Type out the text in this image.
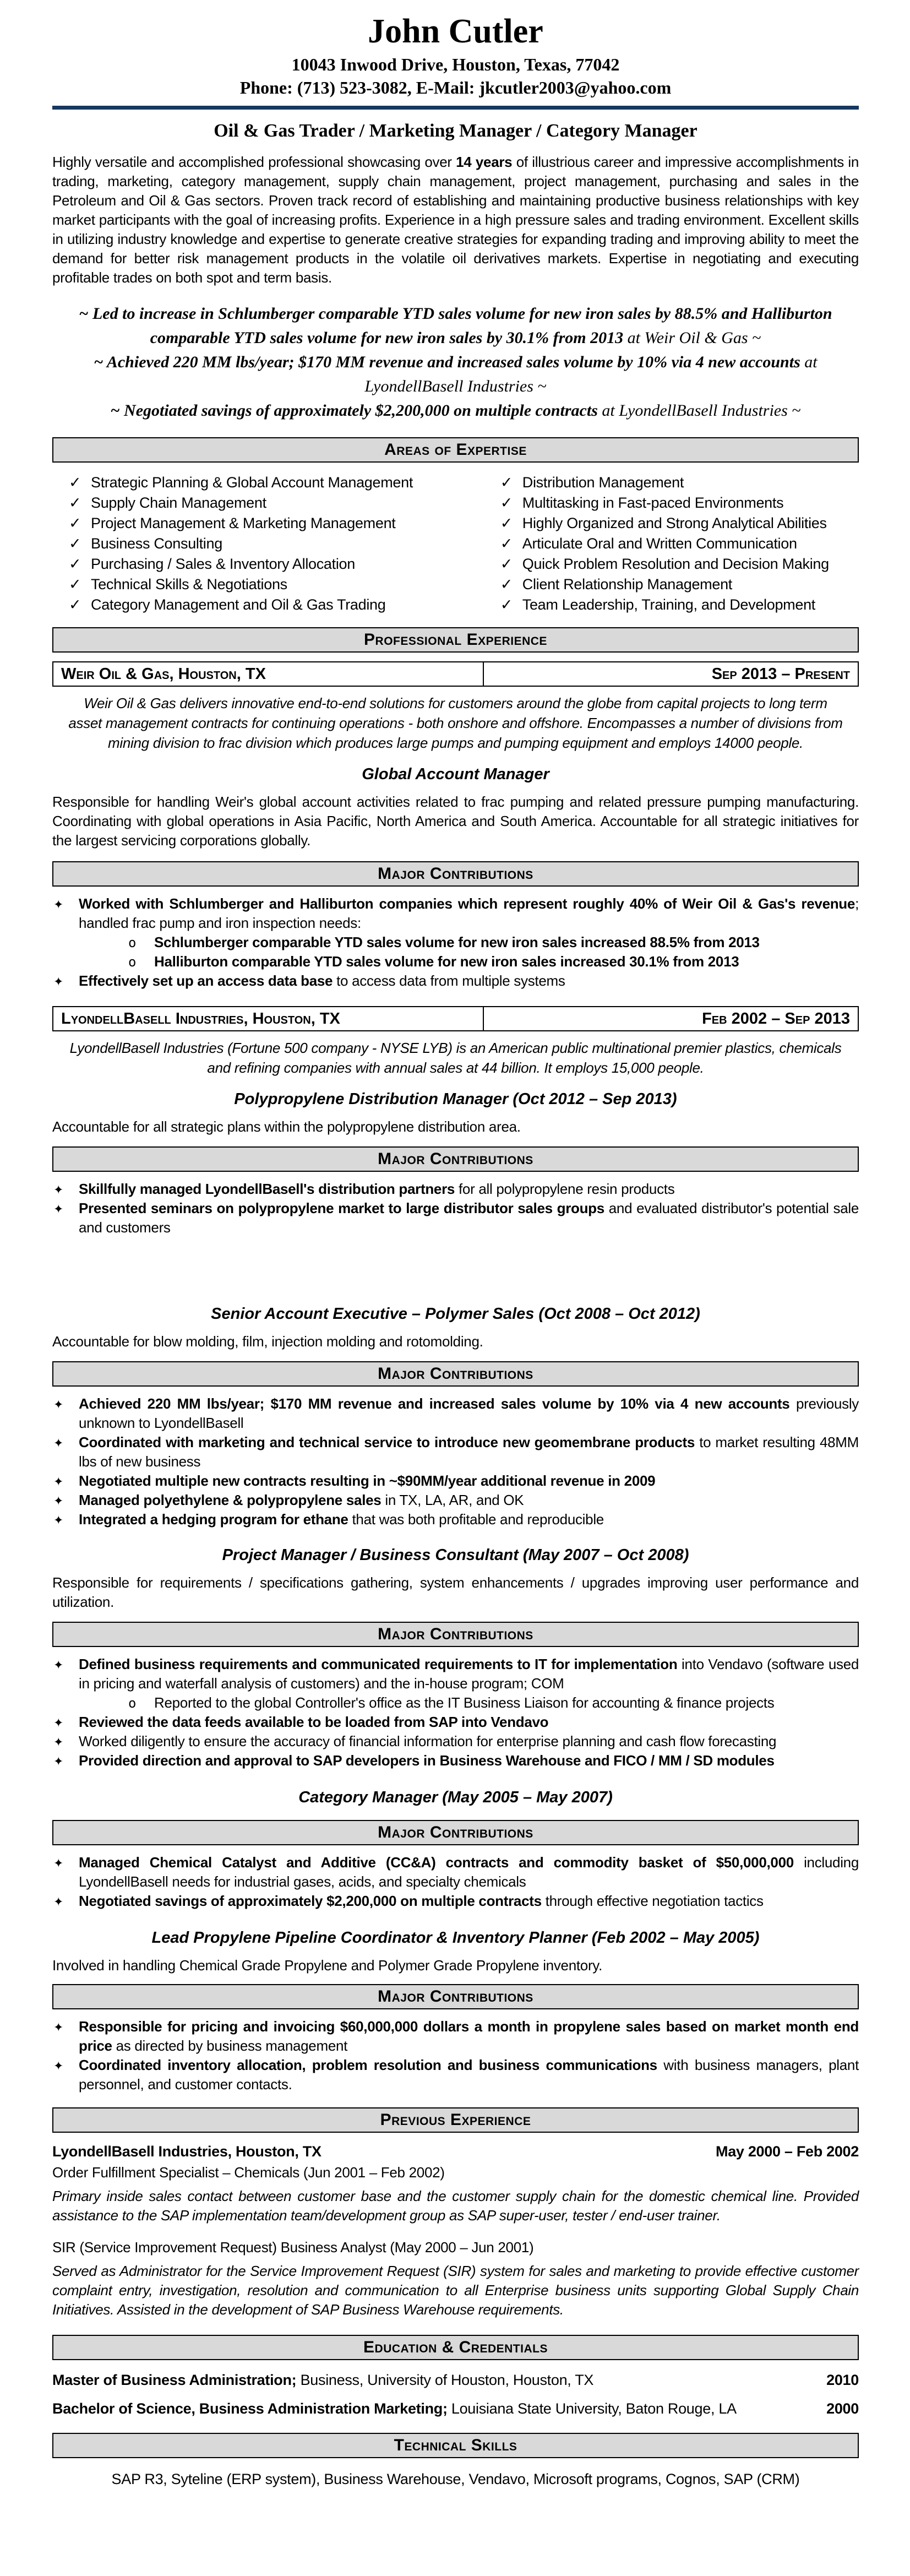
John Cutler
10043 Inwood Drive, Houston, Texas, 77042
Phone: (713) 523-3082, E-Mail: jkcutler2003@yahoo.com
Oil & Gas Trader / Marketing Manager / Category Manager

Highly versatile and accomplished professional showcasing over 14 years of illustrious career and impressive accomplishments in trading, marketing, category management, supply chain management, project management, purchasing and sales in the Petroleum and Oil & Gas sectors. Proven track record of establishing and maintaining productive business relationships with key market participants with the goal of increasing profits. Experience in a high pressure sales and trading environment. Excellent skills in utilizing industry knowledge and expertise to generate creative strategies for expanding trading and improving ability to meet the demand for better risk management products in the volatile oil derivatives markets. Expertise in negotiating and executing profitable trades on both spot and term basis.

~ Led to increase in Schlumberger comparable YTD sales volume for new iron sales by 88.5% and Halliburton comparable YTD sales volume for new iron sales by 30.1% from 2013 at Weir Oil & Gas ~

~ Achieved 220 MM lbs/year; $170 MM revenue and increased sales volume by 10% via 4 new accounts at LyondellBasell Industries ~

~ Negotiated savings of approximately $2,200,000 on multiple contracts at LyondellBasell Industries ~

Areas of Expertise
✓ Strategic Planning & Global Account Management
✓ Supply Chain Management
✓ Project Management & Marketing Management
✓ Business Consulting
✓ Purchasing / Sales & Inventory Allocation
✓ Technical Skills & Negotiations
✓ Category Management and Oil & Gas Trading
✓ Distribution Management
✓ Multitasking in Fast-paced Environments
✓ Highly Organized and Strong Analytical Abilities
✓ Articulate Oral and Written Communication
✓ Quick Problem Resolution and Decision Making
✓ Client Relationship Management
✓ Team Leadership, Training, and Development
Professional Experience
Weir Oil & Gas, Houston, TX	Sep 2013 – Present

Weir Oil & Gas delivers innovative end-to-end solutions for customers around the globe from capital projects to long term asset management contracts for continuing operations - both onshore and offshore. Encompasses a number of divisions from mining division to frac division which produces large pumps and pumping equipment and employs 14000 people.

Global Account Manager

Responsible for handling Weir's global account activities related to frac pumping and related pressure pumping manufacturing. Coordinating with global operations in Asia Pacific, North America and South America. Accountable for all strategic initiatives for the largest servicing corporations globally.

Major Contributions
✦ Worked with Schlumberger and Halliburton companies which represent roughly 40% of Weir Oil & Gas's revenue; handled frac pump and iron inspection needs:
o Schlumberger comparable YTD sales volume for new iron sales increased 88.5% from 2013
o Halliburton comparable YTD sales volume for new iron sales increased 30.1% from 2013
✦ Effectively set up an access data base to access data from multiple systems
LyondellBasell Industries, Houston, TX	Feb 2002 – Sep 2013

LyondellBasell Industries (Fortune 500 company - NYSE LYB) is an American public multinational premier plastics, chemicals and refining companies with annual sales at 44 billion. It employs 15,000 people.

Polypropylene Distribution Manager (Oct 2012 – Sep 2013)

Accountable for all strategic plans within the polypropylene distribution area.

Major Contributions
✦ Skillfully managed LyondellBasell's distribution partners for all polypropylene resin products
✦ Presented seminars on polypropylene market to large distributor sales groups and evaluated distributor's potential sale and customers
Senior Account Executive – Polymer Sales (Oct 2008 – Oct 2012)

Accountable for blow molding, film, injection molding and rotomolding.

Major Contributions
✦ Achieved 220 MM lbs/year; $170 MM revenue and increased sales volume by 10% via 4 new accounts previously unknown to LyondellBasell
✦ Coordinated with marketing and technical service to introduce new geomembrane products to market resulting 48MM lbs of new business
✦ Negotiated multiple new contracts resulting in ~$90MM/year additional revenue in 2009
✦ Managed polyethylene & polypropylene sales in TX, LA, AR, and OK
✦ Integrated a hedging program for ethane that was both profitable and reproducible
Project Manager / Business Consultant (May 2007 – Oct 2008)

Responsible for requirements / specifications gathering, system enhancements / upgrades improving user performance and utilization.

Major Contributions
✦ Defined business requirements and communicated requirements to IT for implementation into Vendavo (software used in pricing and waterfall analysis of customers) and the in-house program; COM
o Reported to the global Controller's office as the IT Business Liaison for accounting & finance projects
✦ Reviewed the data feeds available to be loaded from SAP into Vendavo
✦ Worked diligently to ensure the accuracy of financial information for enterprise planning and cash flow forecasting
✦ Provided direction and approval to SAP developers in Business Warehouse and FICO / MM / SD modules
Category Manager (May 2005 – May 2007)
Major Contributions
✦ Managed Chemical Catalyst and Additive (CC&A) contracts and commodity basket of $50,000,000 including LyondellBasell needs for industrial gases, acids, and specialty chemicals
✦ Negotiated savings of approximately $2,200,000 on multiple contracts through effective negotiation tactics
Lead Propylene Pipeline Coordinator & Inventory Planner (Feb 2002 – May 2005)

Involved in handling Chemical Grade Propylene and Polymer Grade Propylene inventory.

Major Contributions
✦ Responsible for pricing and invoicing $60,000,000 dollars a month in propylene sales based on market month end price as directed by business management
✦ Coordinated inventory allocation, problem resolution and business communications with business managers, plant personnel, and customer contacts.
Previous Experience
LyondellBasell Industries, Houston, TX	May 2000 – Feb 2002
Order Fulfillment Specialist – Chemicals (Jun 2001 – Feb 2002)

Primary inside sales contact between customer base and the customer supply chain for the domestic chemical line. Provided assistance to the SAP implementation team/development group as SAP super-user, tester / end-user trainer.

SIR (Service Improvement Request) Business Analyst (May 2000 – Jun 2001)

Served as Administrator for the Service Improvement Request (SIR) system for sales and marketing to provide effective customer complaint entry, investigation, resolution and communication to all Enterprise business units supporting Global Supply Chain Initiatives. Assisted in the development of SAP Business Warehouse requirements.

Education & Credentials
Master of Business Administration; Business, University of Houston, Houston, TX	2010
Bachelor of Science, Business Administration Marketing; Louisiana State University, Baton Rouge, LA	2000
Technical Skills
SAP R3, Syteline (ERP system), Business Warehouse, Vendavo, Microsoft programs, Cognos, SAP (CRM)
